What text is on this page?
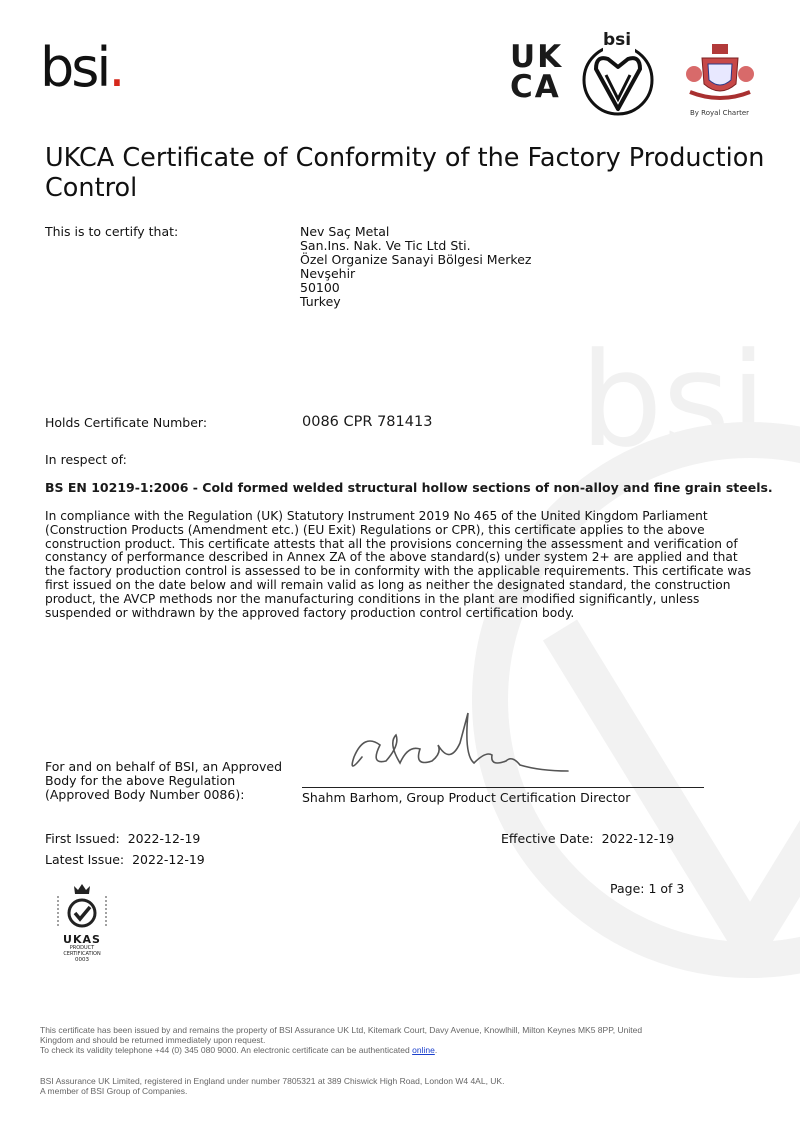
bsi
bsi.	UK
CA
bsi
By Royal Charter
UKCA Certificate of Conformity of the Factory Production Control
This is to certify that:	Nev Saç Metal
San.Ins. Nak. Ve Tic Ltd Sti.
Özel Organize Sanayi Bölgesi Merkez
Nevşehir
50100
Turkey
Holds Certificate Number:	0086 CPR 781413
In respect of:
BS EN 10219-1:2006 - Cold formed welded structural hollow sections of non-alloy and fine grain steels.
In compliance with the Regulation (UK) Statutory Instrument 2019 No 465 of the United Kingdom Parliament (Construction Products (Amendment etc.) (EU Exit) Regulations or CPR), this certificate applies to the above construction product. This certificate attests that all the provisions concerning the assessment and verification of constancy of performance described in Annex ZA of the above standard(s) under system 2+ are applied and that the factory production control is assessed to be in conformity with the applicable requirements. This certificate was first issued on the date below and will remain valid as long as neither the designated standard, the construction product, the AVCP methods nor the manufacturing conditions in the plant are modified significantly, unless suspended or withdrawn by the approved factory production control certification body.
For and on behalf of BSI, an Approved
Body for the above Regulation
(Approved Body Number 0086):	Shahm Barhom, Group Product Certification Director
First Issued: 2022-12-19
Latest Issue: 2022-12-19
Effective Date: 2022-12-19
Page: 1 of 3
UKAS
PRODUCT
CERTIFICATION
0003
This certificate has been issued by and remains the property of BSI Assurance UK Ltd, Kitemark Court, Davy Avenue, Knowlhill, Milton Keynes MK5 8PP, United
Kingdom and should be returned immediately upon request.
To check its validity telephone +44 (0) 345 080 9000. An electronic certificate can be authenticated online.
BSI Assurance UK Limited, registered in England under number 7805321 at 389 Chiswick High Road, London W4 4AL, UK.
A member of BSI Group of Companies.
